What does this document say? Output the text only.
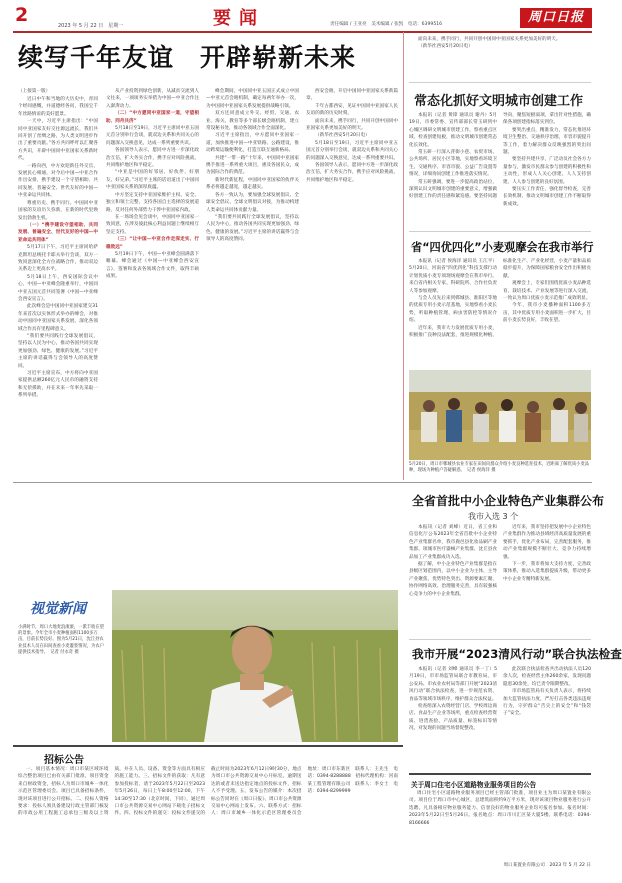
2	2023 年 5 月 22 日　星期一	要闻	责任编辑 / 王亚亮　美术编辑 / 张凯　电话：6399516	周口日报
续写千年友谊　开辟崭新未来
（上接第一版）

近日中午和当地的大历史中，青同个经同感慨，并道德经各问，我国宝千年丝路情谊的美好愿景。

一天中，习近平主席指出：“中国同中亚国家友好交往源远流长，我们共同开创了丝绸之路，为人类文明进步作出了重要贡献。”各方共同呼吁以汇聚各方共识，开辟中国同中亚国家关系新时代。

一路向西，中方欢迎新任外交官、发展民心相通，对今后中国—中亚合作作出安排，携手建设一个守望相助、共同发展、普遍安全、世代友好的中国—中亚命运共同体。

尊重历史、携手同行。中国同中亚国家的友谊历久弥新，在新的时代里焕发出勃勃生机。

（一）“携手建设守望相助、共同发展、普遍安全、世代友好的中国—中亚命运共同体”

5月17日下午，习近平主席同哈萨克斯坦总统托卡耶夫举行会谈，双方一致同意深化全方位战略合作，推动双边关系迈上更高水平。

5月18日上午，西安国际会议中心，中国—中亚峰会隆重举行，中国同中亚五国元首共同签署《中国—中亚峰会西安宣言》。

此次峰会是中国同中亚国家建交31年来首次以实体形式举办的峰会，对推动中国同中亚国家关系发展、深化各领域合作具有里程碑意义。

“我们要共同践行全球发展倡议，坚持以人民为中心，推动各国共同实现更加强劲、绿色、健康的发展。”习近平主席的讲话赢得与会领导人的高度赞同。

习近平主席宣布，中方将向中亚国家提供总额260亿元人民币的融资支持和无偿援助，并在未来一年率先采取一系列举措。

从产业投资到绿色创新，从减贫交流到人文往来，一项项务实举措为中国—中亚合作注入澎湃动力。

（二）“中方愿同中亚国家一道，守望相助、同舟共济”

5月18日至19日，习近平主席同中亚五国元首分别举行会谈，就双边关系和共同关心的问题深入交换意见，达成一系列重要共识。

各国领导人表示，愿同中方进一步深化政治互信，扩大务实合作，携手应对风险挑战，共同维护地区和平稳定。

“中亚是中国的好邻居、好伙伴、好朋友、好兄弟。”习近平主席的话语道出了中国同中亚国家关系的深厚底蕴。

中方坚定支持中亚国家维护主权、安全、独立和领土完整，支持各国自主选择的发展道路，反对任何外部势力干涉中亚国家内政。

在一场场会见会谈中，中国同中亚国家一致同意，在涉及彼此核心利益问题上继续相互坚定支持。

（三）“让中国—中亚合作走深走实、行稳致远”

5月19日下午，中国—中亚峰会圆满落下帷幕。峰会通过《中国—中亚峰会西安宣言》，签署和发表各领域合作文件，取得丰硕成果。

峰会期间，中国同中亚五国正式成立中国—中亚元首会晤机制，确定每两年举办一次，为中国同中亚国家关系发展提供战略引领。

双方还同意成立外交、经贸、交通、农业、海关、教育等多个部长级会晤机制，建立常设秘书处，推动各领域合作全面深化。

习近平主席指出，中方愿同中亚国家一道，加快推进中国—中亚铁路、公路建设，推动跨境运输便利化，打造互联互通新格局。

共建“一带一路”十年来，中国同中亚国家携手推进一系列重大项目，惠及各国民众，成为国际合作的典范。

新时代新征程，中国同中亚国家的伙伴关系必将越走越宽，越走越实。

各方一致认为，要加强全球发展倡议、全球安全倡议、全球文明倡议对接，为推动构建人类命运共同体贡献力量。

“我们要共同践行全球发展倡议，坚持以人民为中心，推动各国共同实现更加强劲、绿色、健康的发展。”习近平主席的讲话赢得与会领导人的高度赞同。

西安会晤，开启中国同中亚国家关系新篇章。

千年古都西安，见证中国同中亚国家人民友谊的新的历史时刻。

面向未来，携手同行，共同开创中国同中亚国家关系更加美好的明天。

（新华社西安5月20日电）

5月18日至19日，习近平主席同中亚五国元首分别举行会谈，就双边关系和共同关心的问题深入交换意见，达成一系列重要共识。

各国领导人表示，愿同中方进一步深化政治互信，扩大务实合作，携手应对风险挑战，共同维护地区和平稳定。

面向未来，携手同行，共同开创中国同中亚国家关系更加美好的明天。

（新华社西安5月20日电）

常态化抓好文明城市创建工作

本报讯（记者 黄锋 通讯员 谢丹）5月19日，市委常委、宣传部部长常玉研到中心城区调研文明城市创建工作，察看重点区域、检查创建短板，推动文明城市创建常态化长效化。

常玉研一行深入背街小巷、农贸市场、公共场所、居民小区等地，实地察看环境卫生、交通秩序、市容市貌、公益广告设置等情况，详细询问创建工作推进落实情况。

常玉研强调，要进一步提高政治站位，深刻认识文明城市创建的重要意义，增强做好创建工作的责任感和紧迫感。要坚持问题导向，聚焦短板弱项，拿出针对性措施，确保各项创建指标落实到位。

要突出重点，精准发力，常态化推进环境卫生整治、交通秩序治理、市容市貌提升等工作，着力解决群众反映强烈的突出问题。

要坚持共建共享，广泛动员社会各方力量参与，激发市民群众参与创建的积极性和主动性，形成人人关心创建、人人支持创建、人人参与创建的良好氛围。

要压实工作责任，强化督导检查，完善长效机制，推动文明城市创建工作不断取得新成效。

省“四优四化”小麦观摩会在我市举行

本报讯（记者 侯海洋 通讯员 王江平）5月20日，河南省“四优四化”科技支撑行动计划优质小麦专项现场观摩会在我市举行。来自省内相关专家、科研院所、合作社负责人等参加观摩。

与会人员先后来到郸城县、淮阳区等地的优质专用小麦示范基地，实地察看小麦长势，听取种植管理、病虫害防控等情况介绍。

近年来，我市大力发展优质专用小麦，积极推广良种良法配套，推进规模化种植、标准化生产、产业化经营，小麦产量和品质稳步提升，为保障国家粮食安全作出积极贡献。

观摩会上，专家们围绕优质小麦品种选育、栽培技术、产业发展等进行深入交流，一致认为周口优质小麦示范推广成效明显。

今年，我市小麦播种面积1100多万亩，其中优质专用小麦面积进一步扩大，目前小麦长势良好，丰收在望。

5月20日，周口市郸城县农业专家在田间向群众介绍小麦良种选育技术，近距离了解优质小麦品种，现场为种植户答疑解惑。　记者 侯海洋 摄
全省首批中小企业特色产业集群公布
我市入选 3 个

本报讯（记者 刘峰）近日，省工业和信息化厅公布2023年全省首批中小企业特色产业集群名单，我市鹿邑县化妆品刷产业集群、项城市医疗器械产业集群、沈丘县食品加工产业集群成功入选。

据了解，中小企业特色产业集群是指在县级区划范围内，以中小企业为主体，主导产业聚焦、优势特色突出、资源要素汇聚、协作网络高效、治理服务完善，具有较强核心竞争力的中小企业集群。

近年来，我市坚持把发展中小企业特色产业集群作为推动县域经济高质量发展的重要抓手，优化产业布局，完善配套服务，推动产业集群规模不断壮大、竞争力持续增强。

下一步，我市将加大支持力度，完善政策体系，推动入选集群提质升级，带动更多中小企业专精特新发展。

我市开展“2023清风行动”联合执法检查

本报讯（记者 刘峰 通讯员 李一丁）5月19日，市市场监管局联合市教育局、市公安局、市农业农村局等部门开展“2023清风行动”联合执法检查，进一步规范农资、食品等领域市场秩序，维护群众合法权益。

检查组深入农资经营门店、学校周边商店、食品生产企业等场所，重点检查经营资质、进货查验、产品质量、标签标识等情况，对发现的问题当场督促整改。

此次联合执法检查共出动执法人员120余人次，检查经营主体260余家，发现问题隐患30余处，均已责令限期整改。

市市场监管局有关负责人表示，将持续加大监管执法力度，严厉打击各类违法违规行为，守护群众“舌尖上的安全”和“钱袋子”安全。

视觉新闻
小满时节，周口大地麦浪滚滚，一派丰收在望的景象。今年全市小麦种植面积1100多万亩，目前长势良好。图为5月21日，沈丘县农业技术人员在田间查看小麦灌浆情况，为农户提供技术指导。　记者 付永奇 摄
招标公告
一、项目基本情况：周口市某区域环境综合整治项目已由有关部门批准，项目资金来自财政资金，招标人为周口市城乡一体化示范区管理委员会。项目已具备招标条件，现对该项目进行公开招标。二、投标人资格要求：投标人须具备建设行政主管部门核发的市政公用工程施工总承包三级及以上资质，并在人员、设备、资金等方面具有相应的施工能力。三、招标文件的获取：凡有意参加投标者，请于2023年5月22日至2023年5月26日，每日上午8:00至12:00，下午14:30至17:30（北京时间，下同），通过周口市公共资源交易中心网站下载电子招标文件。四、投标文件的递交：投标文件递交的截止时间为2023年6月12日9时30分，地点为周口市公共资源交易中心开标室。逾期送达的或者未送达指定地点的投标文件，招标人不予受理。五、发布公告的媒介：本次招标公告同时在《周口日报》、周口市公共资源交易中心网站上发布。六、联系方式：招标人：周口市城乡一体化示范区管理委员会　地址：周口市东新区　联系人：王先生　电话：0394-8288888　招标代理机构：河南某工程管理有限公司　联系人：李女士　电话：0394-8299999
关于周口住宅小区道路物业服务项目的公告
周口住宅小区道路物业服务项目已经主管部门批准，项目业主为周口某置业有限公司。项目位于周口市中心城区，总建筑面积约9万平方米，现对该项目物业服务进行公开选聘。凡具备相应物业服务能力、信誉良好的物业服务企业均可报名参加。报名时间：2023年5月22日至5月26日。报名地点：周口市川汇区某大厦5楼。联系电话：0394-8166666
周口某置业有限公司　2023 年 5 月 22 日
